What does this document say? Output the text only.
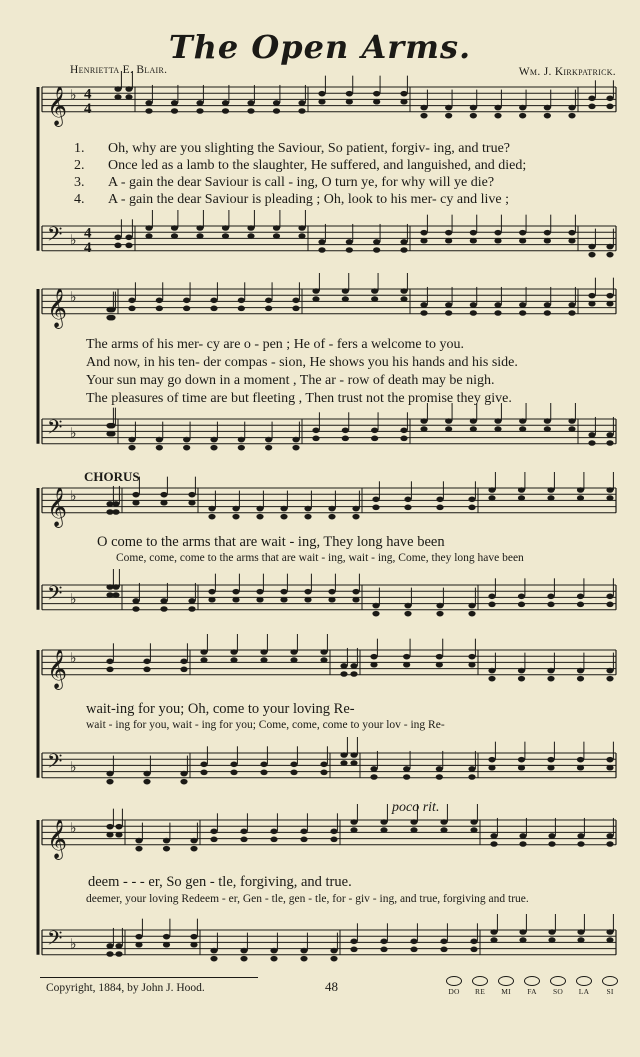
The Open Arms.
Henrietta E. Blair.	Wm. J. Kirkpatrick.
𝄞 ♭ 4
4
𝄢 ♭ 4
4
𝄞 ♭
𝄢 ♭
𝄞 ♭
𝄢 ♭
𝄞 ♭
𝄢 ♭
𝄞 ♭
𝄢 ♭
1. Oh, why are you slighting the Saviour, So patient, forgiv- ing, and true?
2. Once led as a lamb to the slaughter, He suffered, and languished, and died;
3. A - gain the dear Saviour is call - ing, O turn ye, for why will ye die?
4. A - gain the dear Saviour is pleading ; Oh, look to his mer- cy and live ;
The arms of his mer- cy are o - pen ; He of - fers a welcome to you.
And now, in his ten- der compas - sion, He shows you his hands and his side.
Your sun may go down in a moment , The ar - row of death may be nigh.
The pleasures of time are but fleeting , Then trust not the promise they give.
CHORUS
O come to the arms that are wait - ing, They long have been
Come, come, come to the arms that are wait - ing, wait - ing, Come, they long have been
wait-ing for you; Oh, come to your loving Re-
wait - ing for you, wait - ing for you; Come, come, come to your lov - ing Re-
poco rit.
deem - - - er, So gen - tle, forgiving, and true.
deemer, your loving Redeem - er, Gen - tle, gen - tle, for - giv - ing, and true, forgiving and true.
Copyright, 1884, by John J. Hood.	48	DO RE MI FA SO LA SI
